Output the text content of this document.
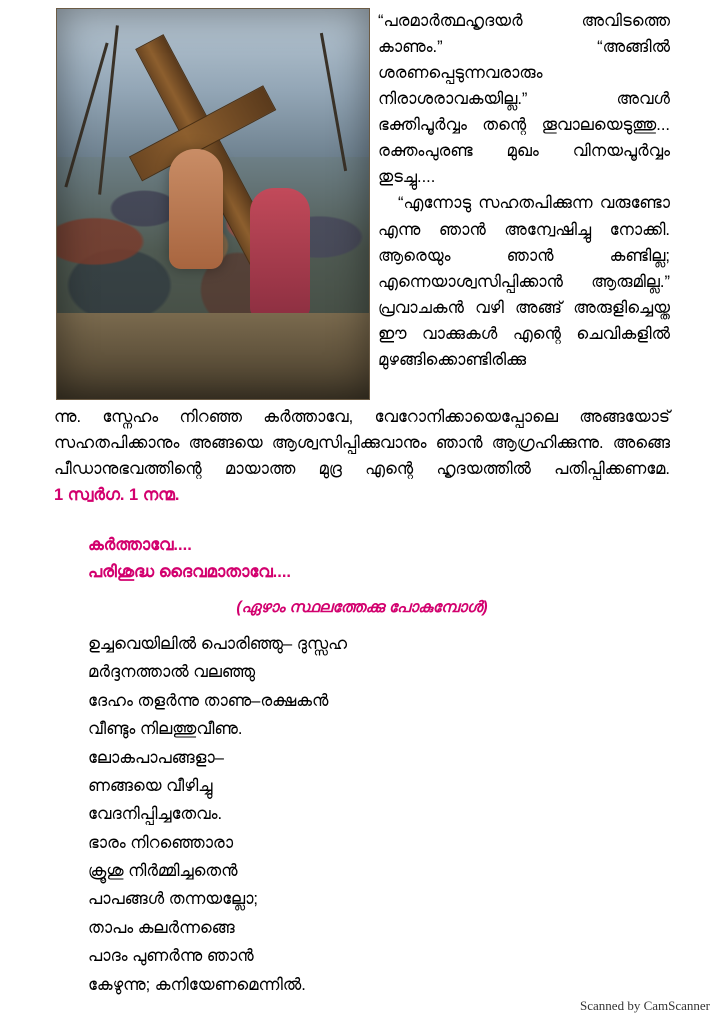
“പരമാർത്ഥഹൃദയർ അവിടത്തെ കാണും.” “അങ്ങിൽ ശരണപ്പെടുന്നവരാരും നിരാശരാവകയില്ല.” അവൾ ഭക്തിപൂർവ്വം തന്റെ തൂവാലയെടുത്തു... രക്തംപുരണ്ട മുഖം വിനയപൂർവ്വം തുടച്ചു....

“എന്നോടു സഹതപിക്കുന്ന വരുണ്ടോ എന്നു ഞാൻ അന്വേഷിച്ചു നോക്കി. ആരെയും ഞാൻ കണ്ടില്ല; എന്നെയാശ്വസിപ്പിക്കാൻ ആരുമില്ല.” പ്രവാചകൻ വഴി അങ്ങ് അരുളിച്ചെയ്ത ഈ വാക്കുകൾ എന്റെ ചെവികളിൽ മുഴങ്ങിക്കൊണ്ടിരിക്കു

ന്നു. സ്നേഹം നിറഞ്ഞ കർത്താവേ, വേറോനിക്കായെപ്പോലെ അങ്ങയോട് സഹതപിക്കാനും അങ്ങയെ ആശ്വസിപ്പിക്കുവാനും ഞാൻ ആഗ്രഹിക്കുന്നു. അങ്ങെ പീഡാനുഭവത്തിന്റെ മായാത്ത മുദ്ര എന്റെ ഹൃദയത്തിൽ പതിപ്പിക്കണമേ. 1 സ്വർഗ. 1 നന്മ.

കർത്താവേ....
പരിശുദ്ധ ദൈവമാതാവേ....
(ഏഴാം സ്ഥലത്തേക്കു പോകുമ്പോൾ)
ഉച്ചവെയിലിൽ പൊരിഞ്ഞു– ദുസ്സഹ
മർദ്ദനത്താൽ വലഞ്ഞു
ദേഹം തളർന്നു താണു–രക്ഷകൻ
വീണ്ടും നിലത്തുവീണു.
ലോകപാപങ്ങളാ–
ണങ്ങയെ വീഴിച്ചു
വേദനിപ്പിച്ചതേവം.
ഭാരം നിറഞ്ഞൊരാ
ക്രൂശു നിർമ്മിച്ചതെൻ
പാപങ്ങൾ തന്നയല്ലോ;
താപം കലർന്നങ്ങെ
പാദം പുണർന്നു ഞാൻ
കേഴുന്നു; കനിയേണമെന്നിൽ.
Scanned by CamScanner
